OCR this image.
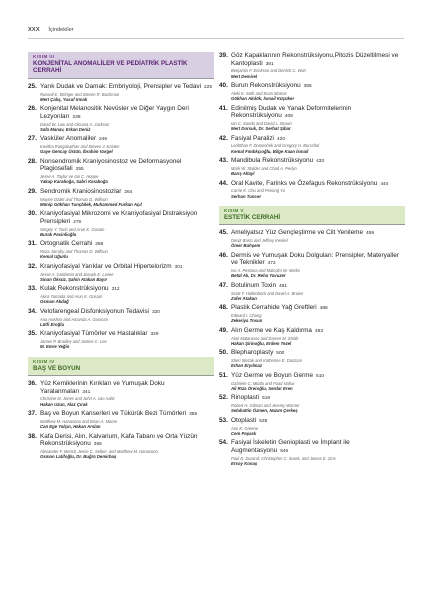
XXX İçindekiler
KISIM III
KONJENİTAL ANOMALİLER VE PEDİATRİK PLASTİK CERRAHİ
25. Yarık Dudak ve Damak: Embriyoloji, Prensipler ve Tedavi 225
Russell E. Ettinger and Steven R. Buchman
Mert Çalış, Yusuf Irmak
26. Konjenital Melanositik Nevüsler ve Diğer Yaygın Deri Lezyonları 238
David W. Low and Oksana A. Jackson
Safa Manav, Erkan Deniz
27. Vasküler Anomaliler 246
Kavitha Ranganathan and Steven J. Kasten
Gaye Gencay Üstün, İbrahim Vargel
28. Nonsendromik Kraniyosinostoz ve Deformasyonel Plagiosefali 255
Jesse A. Taylor ve Ian C. Hoppe
Yakup Karaboğa, Sabri Karaboğa
29. Sendromik Kraniosinostozlar 264
Wayne Ozaki and Thomas D. Willson
Münip Gökhan Tunçbilek, Muhammed Furkan Açıl
30. Kraniyofasiyal Mikrozomi ve Kraniyofasiyal Distraksiyon Prensipleri 276
Sergey Y. Turin and Arun K. Gosain
Burak Pasinlioğlu
31. Ortognatik Cerrahi 288
Reza Jarrahy and Thomas D. Willson
Kemal Uğurlu
32. Kraniyofasiyal Yarıklar ve Orbital Hipertelorizm 301
Jesse A. Goldstein and Joseph E. Losee
Sinan Öksüz, Şahin Atakan Bayır
33. Kulak Rekonstrüksiyonu 312
Akira Yamada and Arun K. Gosain
Osman Akdağ
34. Velofarengeal Disfonksiyonun Tedavisi 320
Ana Hashmi and Amanda A. Gosman
Lütfi Eroğlu
35. Kraniyofasiyal Tümörler ve Hastalıklar 329
James P. Bradley and Justine C. Lee
M. Emre Yeğin
KISIM IV
BAŞ VE BOYUN
36. Yüz Kemiklerinin Kırıkları ve Yumuşak Doku Yaralanmaları 341
Christine M. Jones and John A. van Aalst
Hakan Uzun, Alaz Çırak
37. Baş ve Boyun Kanserleri ve Tükürük Bezi Tümörleri 355
Matthew M. Hanasono and Brian A. Moore
Can Ege Yalçın, Hakan Arslan
38. Kafa Derisi, Alın, Kalvarium, Kafa Tabanı ve Orta Yüzün Rekonstrüksiyonu 365
Alexander F. Mericli, Jesse C. Selber, and Matthew M. Hanasono
Osman Latifoğlu, Dr. Buğra Demirbaş
39. Göz Kapaklarının Rekonstrüksiyonu,Pitozis Düzeltilmesi ve Kantoplasti 381
Benjamin F. Erickson and Derrick C. Wan
Mert Demirel
40. Burun Rekonstrüksiyonu 395
Aleki K. Seth and Evan Matros
Gökhan Akdök, İsmail Küçüker
41. Edinilmiş Dudak ve Yanak Deformitelerinin Rekonstrüksiyonu 408
Ian C. Sando and David L. Brown
Mert Dorsuk, Dr. Serhat Şibar
42. Fasiyal Paralizi 420
Leahthan F. Domeshek and Gregory H. Borschel
Kemal Fındıkçıoğlu, Bilge Kaan İsmail
43. Mandibula Rekonstrüksiyonu 433
Mark W. Stalder and Chad A. Perlyn
Barış Altayl
44. Oral Kavite, Farinks ve Özefagus Rekonstrüksiyonu 444
Carrie K. Chu and Peirong Yu
Serhan Tuncer
KISIM V
ESTETİK CERRAHİ
45. Ameliyatsız Yüz Gençleştirme ve Cilt Yenileme 459
Deniz Basci and Jeffrey Kenkel
Ömer Buhşem
46. Dermis ve Yumuşak Doku Dolguları: Prensipler, Materyaller ve Teknikler 472
Ivo A. Pestana and Malcolm W. Marks
Betül Ak, Dr. Reha Yavuzer
47. Botulinum Toxin 481
Scott T. Hollenbeck and David A. Brown
Zafer Atakan
48. Plastik Cerrahide Yağ Greftleri 488
Edward I. Chang
Zekeriya Tosun
49. Alın Germe ve Kaş Kaldırma 493
Alan Matarasso and Darren M. Smith
Hakan Şirinoğlu, Erdem Tezel
50. Blepharoplasty 500
Sheri Slezak and Katherine E. Danzani
Erhan Eryılmaz
51. Yüz Germe ve Boyun Germe 510
Gabriele C. Miotto and Foad Nahai
Ali Rıza Öreroğlu, Serdar Eren
52. Rinoplasti 519
Robert H. Gilman and Jeremy Warner
Selahattin Özmen, Nazım Çerkeş
53. Otoplasti 538
Ann K. Greene
Cem Paşaslı
54. Fasiyal İskeletin Genioplasti ve İmplant ile Augmentasyonu 546
Paul D. Durand, Christopher C. Surek, and James E. Zins
Ersoy Konaş
